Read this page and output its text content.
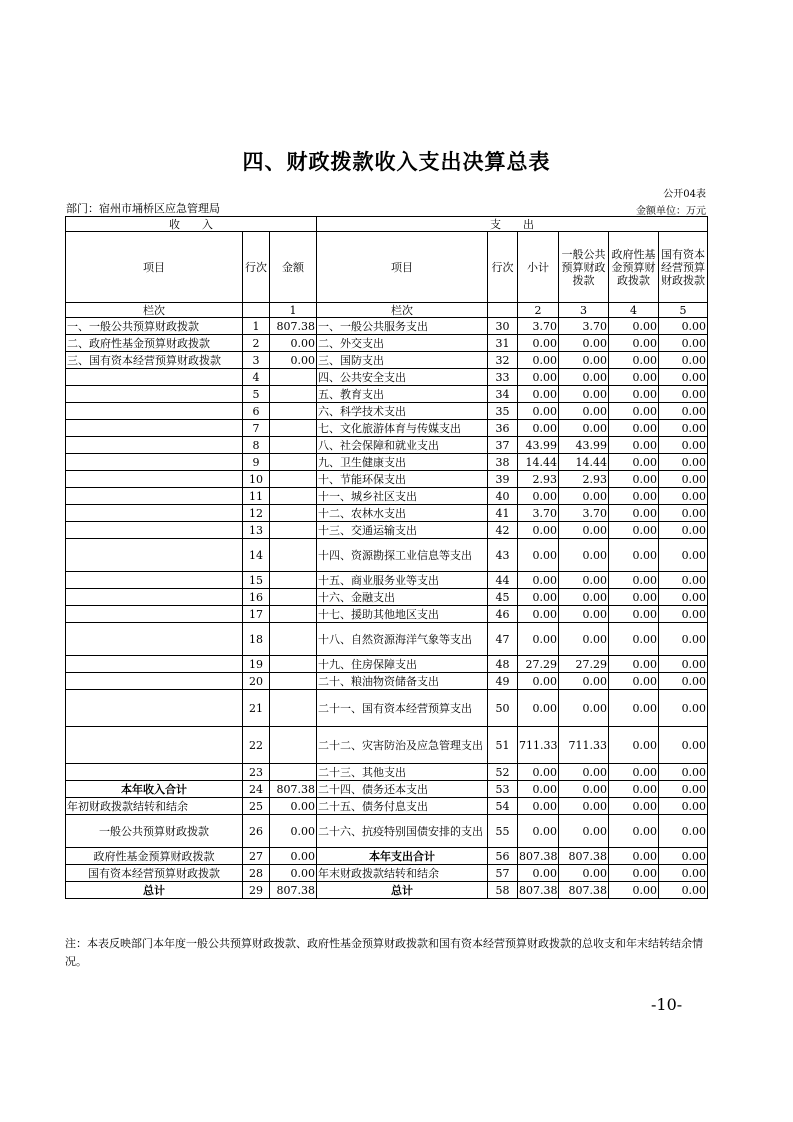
四、财政拨款收入支出决算总表
公开04表
部门：宿州市埇桥区应急管理局	金额单位：万元
收　　入			支　　出					
项目	行次	金额	项目	行次	小计	一般公共预算财政拨款	政府性基金预算财政拨款	国有资本经营预算财政拨款
栏次		1	栏次		2	3	4	5
一、一般公共预算财政拨款	1	807.38	一、一般公共服务支出	30	3.70	3.70	0.00	0.00
二、政府性基金预算财政拨款	2	0.00	二、外交支出	31	0.00	0.00	0.00	0.00
三、国有资本经营预算财政拨款	3	0.00	三、国防支出	32	0.00	0.00	0.00	0.00
	4		四、公共安全支出	33	0.00	0.00	0.00	0.00
	5		五、教育支出	34	0.00	0.00	0.00	0.00
	6		六、科学技术支出	35	0.00	0.00	0.00	0.00
	7		七、文化旅游体育与传媒支出	36	0.00	0.00	0.00	0.00
	8		八、社会保障和就业支出	37	43.99	43.99	0.00	0.00
	9		九、卫生健康支出	38	14.44	14.44	0.00	0.00
	10		十、节能环保支出	39	2.93	2.93	0.00	0.00
	11		十一、城乡社区支出	40	0.00	0.00	0.00	0.00
	12		十二、农林水支出	41	3.70	3.70	0.00	0.00
	13		十三、交通运输支出	42	0.00	0.00	0.00	0.00
	14		十四、资源勘探工业信息等支出	43	0.00	0.00	0.00	0.00
	15		十五、商业服务业等支出	44	0.00	0.00	0.00	0.00
	16		十六、金融支出	45	0.00	0.00	0.00	0.00
	17		十七、援助其他地区支出	46	0.00	0.00	0.00	0.00
	18		十八、自然资源海洋气象等支出	47	0.00	0.00	0.00	0.00
	19		十九、住房保障支出	48	27.29	27.29	0.00	0.00
	20		二十、粮油物资储备支出	49	0.00	0.00	0.00	0.00
	21		二十一、国有资本经营预算支出	50	0.00	0.00	0.00	0.00
	22		二十二、灾害防治及应急管理支出	51	711.33	711.33	0.00	0.00
	23		二十三、其他支出	52	0.00	0.00	0.00	0.00
本年收入合计	24	807.38	二十四、债务还本支出	53	0.00	0.00	0.00	0.00
年初财政拨款结转和结余	25	0.00	二十五、债务付息支出	54	0.00	0.00	0.00	0.00
一般公共预算财政拨款	26	0.00	二十六、抗疫特别国债安排的支出	55	0.00	0.00	0.00	0.00
政府性基金预算财政拨款	27	0.00	本年支出合计	56	807.38	807.38	0.00	0.00
国有资本经营预算财政拨款	28	0.00	年末财政拨款结转和结余	57	0.00	0.00	0.00	0.00
总计	29	807.38	总计	58	807.38	807.38	0.00	0.00
注：本表反映部门本年度一般公共预算财政拨款、政府性基金预算财政拨款和国有资本经营预算财政拨款的总收支和年末结转结余情况。
-10-
